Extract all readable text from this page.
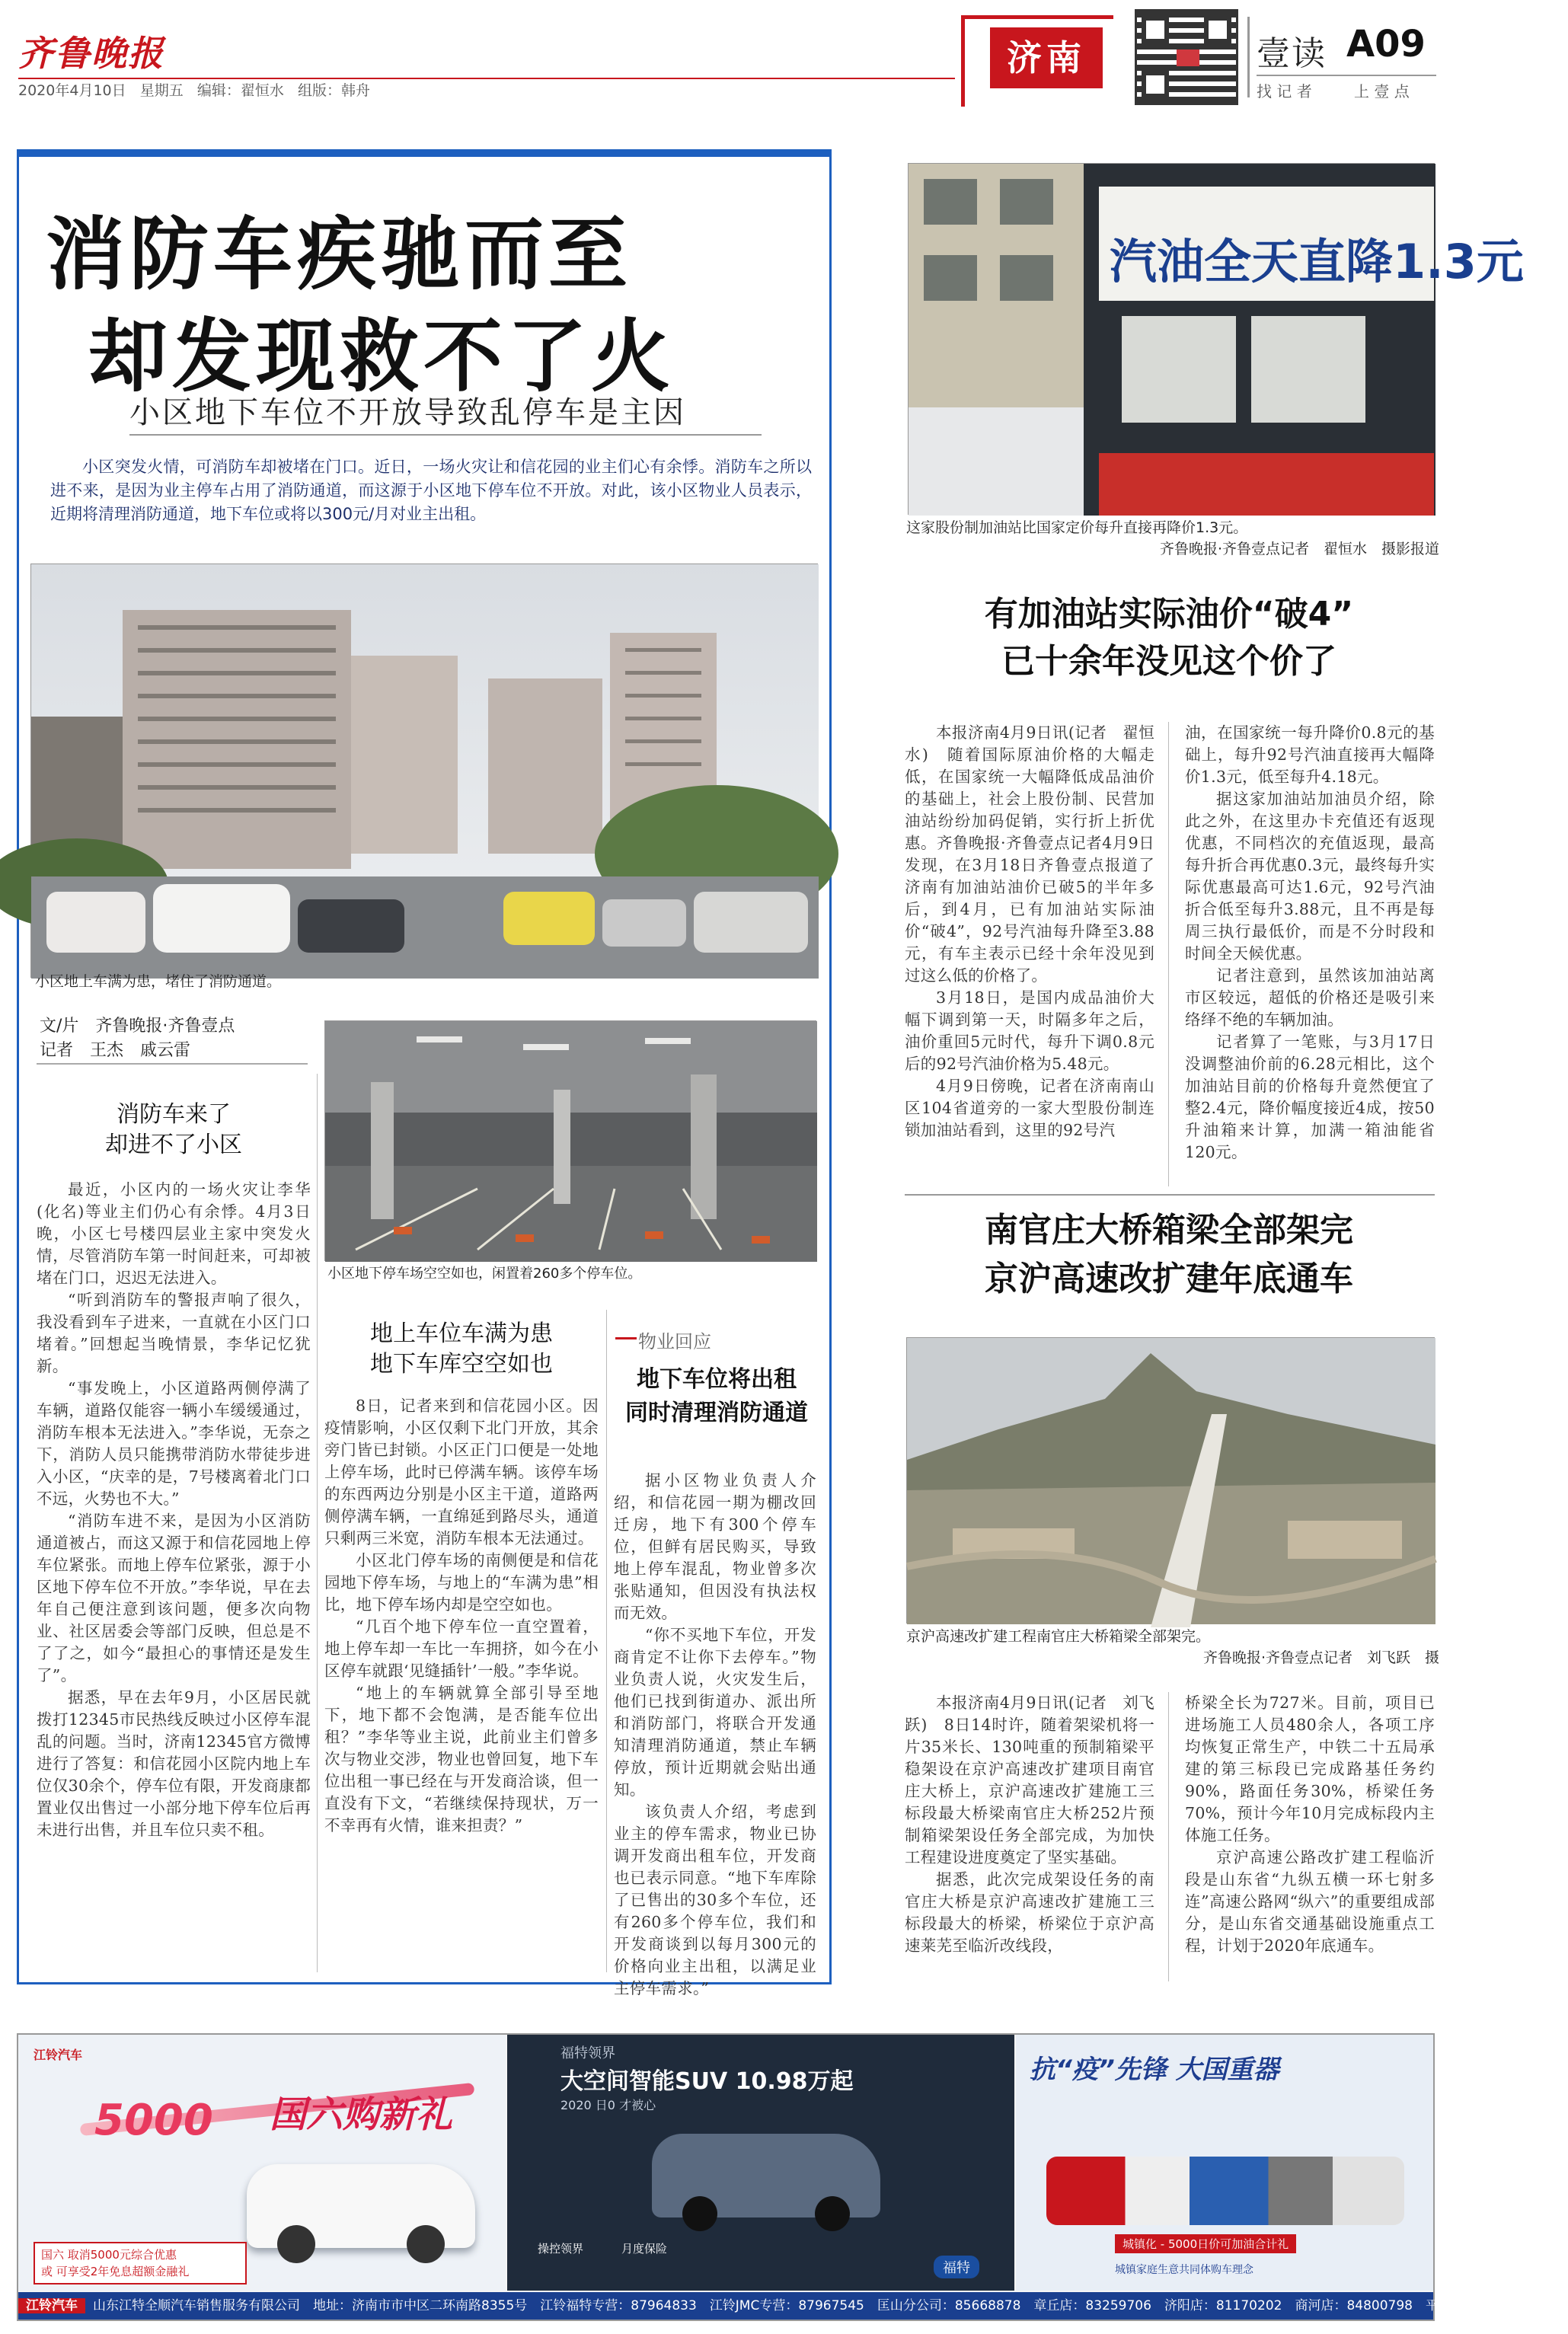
齐鲁晚报
2020年4月10日 星期五 编辑：翟恒水 组版：韩舟
济南	壹读 A09
找 记 者	上 壹 点
消防车疾驰而至
却发现救不了火
小区地下车位不开放导致乱停车是主因
小区突发火情，可消防车却被堵在门口。近日，一场火灾让和信花园的业主们心有余悸。消防车之所以进不来，是因为业主停车占用了消防通道，而这源于小区地下停车位不开放。对此，该小区物业人员表示，近期将清理消防通道，地下车位或将以300元/月对业主出租。
小区地上车满为患，堵住了消防通道。
文/片　齐鲁晚报·齐鲁壹点
记者　王杰　戚云雷
小区地下停车场空空如也，闲置着260多个停车位。
消防车来了
却进不了小区

最近，小区内的一场火灾让李华(化名)等业主们仍心有余悸。4月3日晚，小区七号楼四层业主家中突发火情，尽管消防车第一时间赶来，可却被堵在门口，迟迟无法进入。

“听到消防车的警报声响了很久，我没看到车子进来，一直就在小区门口堵着。”回想起当晚情景，李华记忆犹新。

“事发晚上，小区道路两侧停满了车辆，道路仅能容一辆小车缓缓通过，消防车根本无法进入。”李华说，无奈之下，消防人员只能携带消防水带徒步进入小区，“庆幸的是，7号楼离着北门口不远，火势也不大。”

“消防车进不来，是因为小区消防通道被占，而这又源于和信花园地上停车位紧张。而地上停车位紧张，源于小区地下停车位不开放。”李华说，早在去年自己便注意到该问题，便多次向物业、社区居委会等部门反映，但总是不了了之，如今“最担心的事情还是发生了”。

据悉，早在去年9月，小区居民就拨打12345市民热线反映过小区停车混乱的问题。当时，济南12345官方微博进行了答复：和信花园小区院内地上车位仅30余个，停车位有限，开发商康都置业仅出售过一小部分地下停车位后再未进行出售，并且车位只卖不租。

地上车位车满为患
地下车库空空如也

8日，记者来到和信花园小区。因疫情影响，小区仅剩下北门开放，其余旁门皆已封锁。小区正门口便是一处地上停车场，此时已停满车辆。该停车场的东西两边分别是小区主干道，道路两侧停满车辆，一直绵延到路尽头，通道只剩两三米宽，消防车根本无法通过。

小区北门停车场的南侧便是和信花园地下停车场，与地上的“车满为患”相比，地下停车场内却是空空如也。

“几百个地下停车位一直空置着，地上停车却一车比一车拥挤，如今在小区停车就跟‘见缝插针’一般。”李华说。

“地上的车辆就算全部引导至地下，地下都不会饱满，是否能车位出租？”李华等业主说，此前业主们曾多次与物业交涉，物业也曾回复，地下车位出租一事已经在与开发商洽谈，但一直没有下文，“若继续保持现状，万一不幸再有火情，谁来担责？”

物业回应
地下车位将出租
同时清理消防通道

据小区物业负责人介绍，和信花园一期为棚改回迁房，地下有300个停车位，但鲜有居民购买，导致地上停车混乱，物业曾多次张贴通知，但因没有执法权而无效。

“你不买地下车位，开发商肯定不让你下去停车。”物业负责人说，火灾发生后，他们已找到街道办、派出所和消防部门，将联合开发通知清理消防通道，禁止车辆停放，预计近期就会贴出通知。

该负责人介绍，考虑到业主的停车需求，物业已协调开发商出租车位，开发商也已表示同意。“地下车库除了已售出的30多个车位，还有260多个停车位，我们和开发商谈到以每月300元的价格向业主出租，以满足业主停车需求。”

汽油全天直降1.3元
这家股份制加油站比国家定价每升直接再降价1.3元。
齐鲁晚报·齐鲁壹点记者　翟恒水　摄影报道
有加油站实际油价“破4”
已十余年没见这个价了

本报济南4月9日讯(记者　翟恒水)　随着国际原油价格的大幅走低，在国家统一大幅降低成品油价的基础上，社会上股份制、民营加油站纷纷加码促销，实行折上折优惠。齐鲁晚报·齐鲁壹点记者4月9日发现，在3月18日齐鲁壹点报道了济南有加油站油价已破5的半年多后，到4月，已有加油站实际油价“破4”，92号汽油每升降至3.88元，有车主表示已经十余年没见到过这么低的价格了。

3月18日，是国内成品油价大幅下调到第一天，时隔多年之后，油价重回5元时代，每升下调0.8元后的92号汽油价格为5.48元。

4月9日傍晚，记者在济南南山区104省道旁的一家大型股份制连锁加油站看到，这里的92号汽

油，在国家统一每升降价0.8元的基础上，每升92号汽油直接再大幅降价1.3元，低至每升4.18元。

据这家加油站加油员介绍，除此之外，在这里办卡充值还有返现优惠，不同档次的充值返现，最高每升折合再优惠0.3元，最终每升实际优惠最高可达1.6元，92号汽油折合低至每升3.88元，且不再是每周三执行最低价，而是不分时段和时间全天候优惠。

记者注意到，虽然该加油站离市区较远，超低的价格还是吸引来络绎不绝的车辆加油。

记者算了一笔账，与3月17日没调整油价前的6.28元相比，这个加油站目前的价格每升竟然便宜了整2.4元，降价幅度接近4成，按50升油箱来计算，加满一箱油能省120元。

南官庄大桥箱梁全部架完
京沪高速改扩建年底通车
京沪高速改扩建工程南官庄大桥箱梁全部架完。
齐鲁晚报·齐鲁壹点记者　刘飞跃　摄

本报济南4月9日讯(记者　刘飞跃)　8日14时许，随着架梁机将一片35米长、130吨重的预制箱梁平稳架设在京沪高速改扩建项目南官庄大桥上，京沪高速改扩建施工三标段最大桥梁南官庄大桥252片预制箱梁架设任务全部完成，为加快工程建设进度奠定了坚实基础。

据悉，此次完成架设任务的南官庄大桥是京沪高速改扩建施工三标段最大的桥梁，桥梁位于京沪高速莱芜至临沂改线段，

桥梁全长为727米。目前，项目已进场施工人员480余人，各项工序均恢复正常生产，中铁二十五局承建的第三标段已完成路基任务约90%，路面任务30%，桥梁任务70%，预计今年10月完成标段内主体施工任务。

京沪高速公路改扩建工程临沂段是山东省“九纵五横一环七射多连”高速公路网“纵六”的重要组成部分，是山东省交通基础设施重点工程，计划于2020年底通车。

江铃汽车
5000 国六购新礼
国六 取消5000元综合优惠
或 可享受2年免息超额金融礼
福特领界
大空间智能SUV 10.98万起
2020 日0 才被心
操控领界	月度保险
福特
抗“疫”先锋 大国重器
城镇化 - 5000日价可加油合计礼
城镇家庭生意共同体购车理念
江铃汽车 山东江特全顺汽车销售服务有限公司　地址：济南市市中区二环南路8355号　江铃福特专营：87964833　江铃JMC专营：87967545　匡山分公司：85668878　章丘店：83259706　济阳店：81170202　商河店：84800798　平阴店：15562559786
